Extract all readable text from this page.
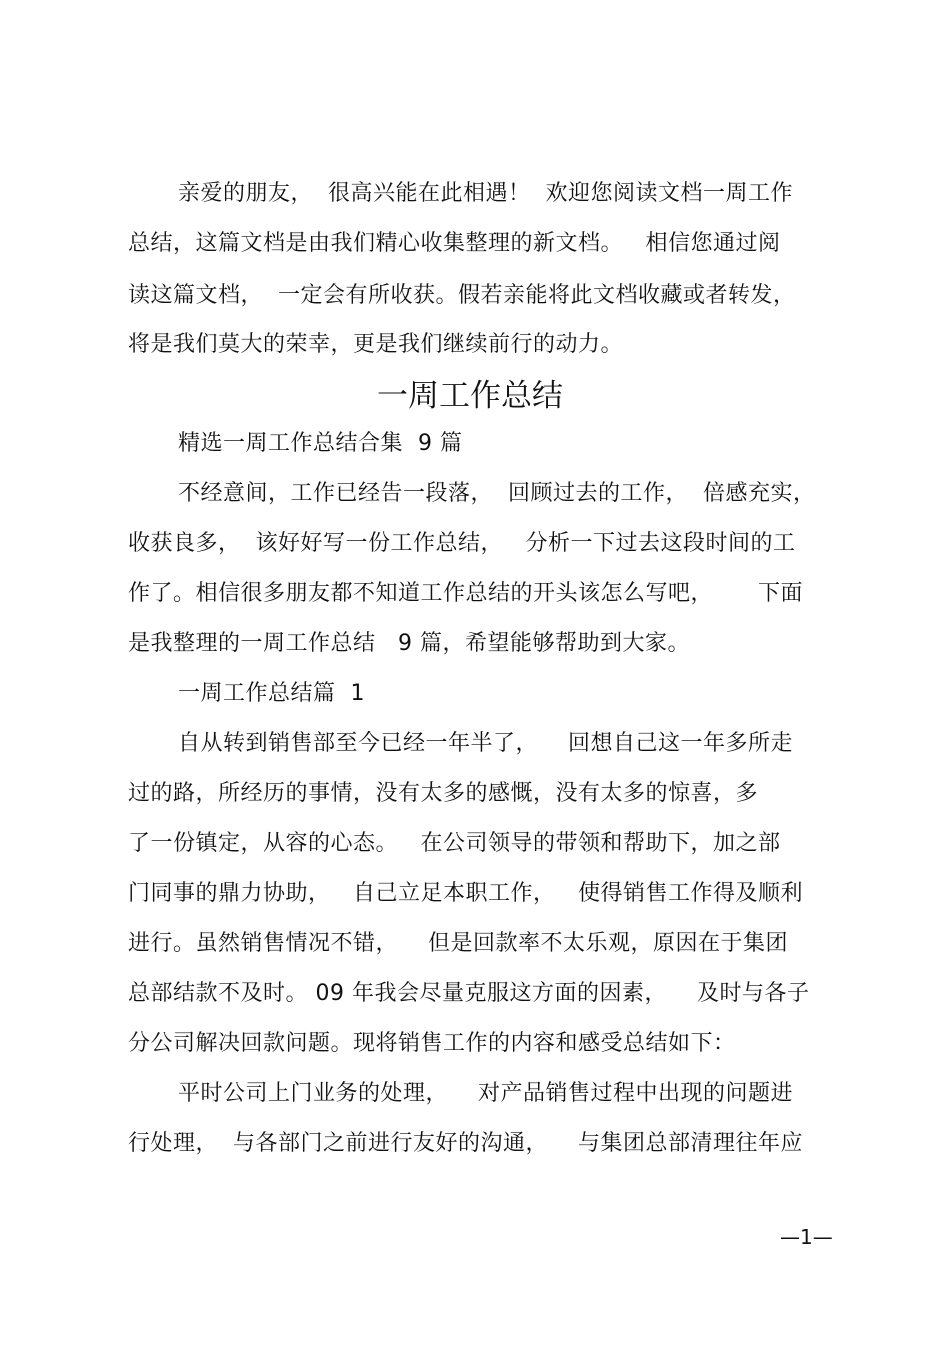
亲爱的朋友，  很高兴能在此相遇！  欢迎您阅读文档一周工作
总结，这篇文档是由我们精心收集整理的新文档。   相信您通过阅
读这篇文档，  一定会有所收获。假若亲能将此文档收藏或者转发，
将是我们莫大的荣幸，更是我们继续前行的动力。
一周工作总结
精选一周工作总结合集  9 篇
不经意间，工作已经告一段落，  回顾过去的工作，  倍感充实，
收获良多，  该好好写一份工作总结，   分析一下过去这段时间的工
作了。相信很多朋友都不知道工作总结的开头该怎么写吧，      下面
是我整理的一周工作总结   9 篇，希望能够帮助到大家。
一周工作总结篇  1
自从转到销售部至今已经一年半了，    回想自己这一年多所走
过的路，所经历的事情，没有太多的感慨，没有太多的惊喜，多
了一份镇定，从容的心态。   在公司领导的带领和帮助下，加之部
门同事的鼎力协助，   自己立足本职工作，   使得销售工作得及顺利
进行。虽然销售情况不错，    但是回款率不太乐观，原因在于集团
总部结款不及时。 09 年我会尽量克服这方面的因素，    及时与各子
分公司解决回款问题。现将销售工作的内容和感受总结如下：
平时公司上门业务的处理，    对产品销售过程中出现的问题进
行处理，  与各部门之前进行友好的沟通，    与集团总部清理往年应
—1—
